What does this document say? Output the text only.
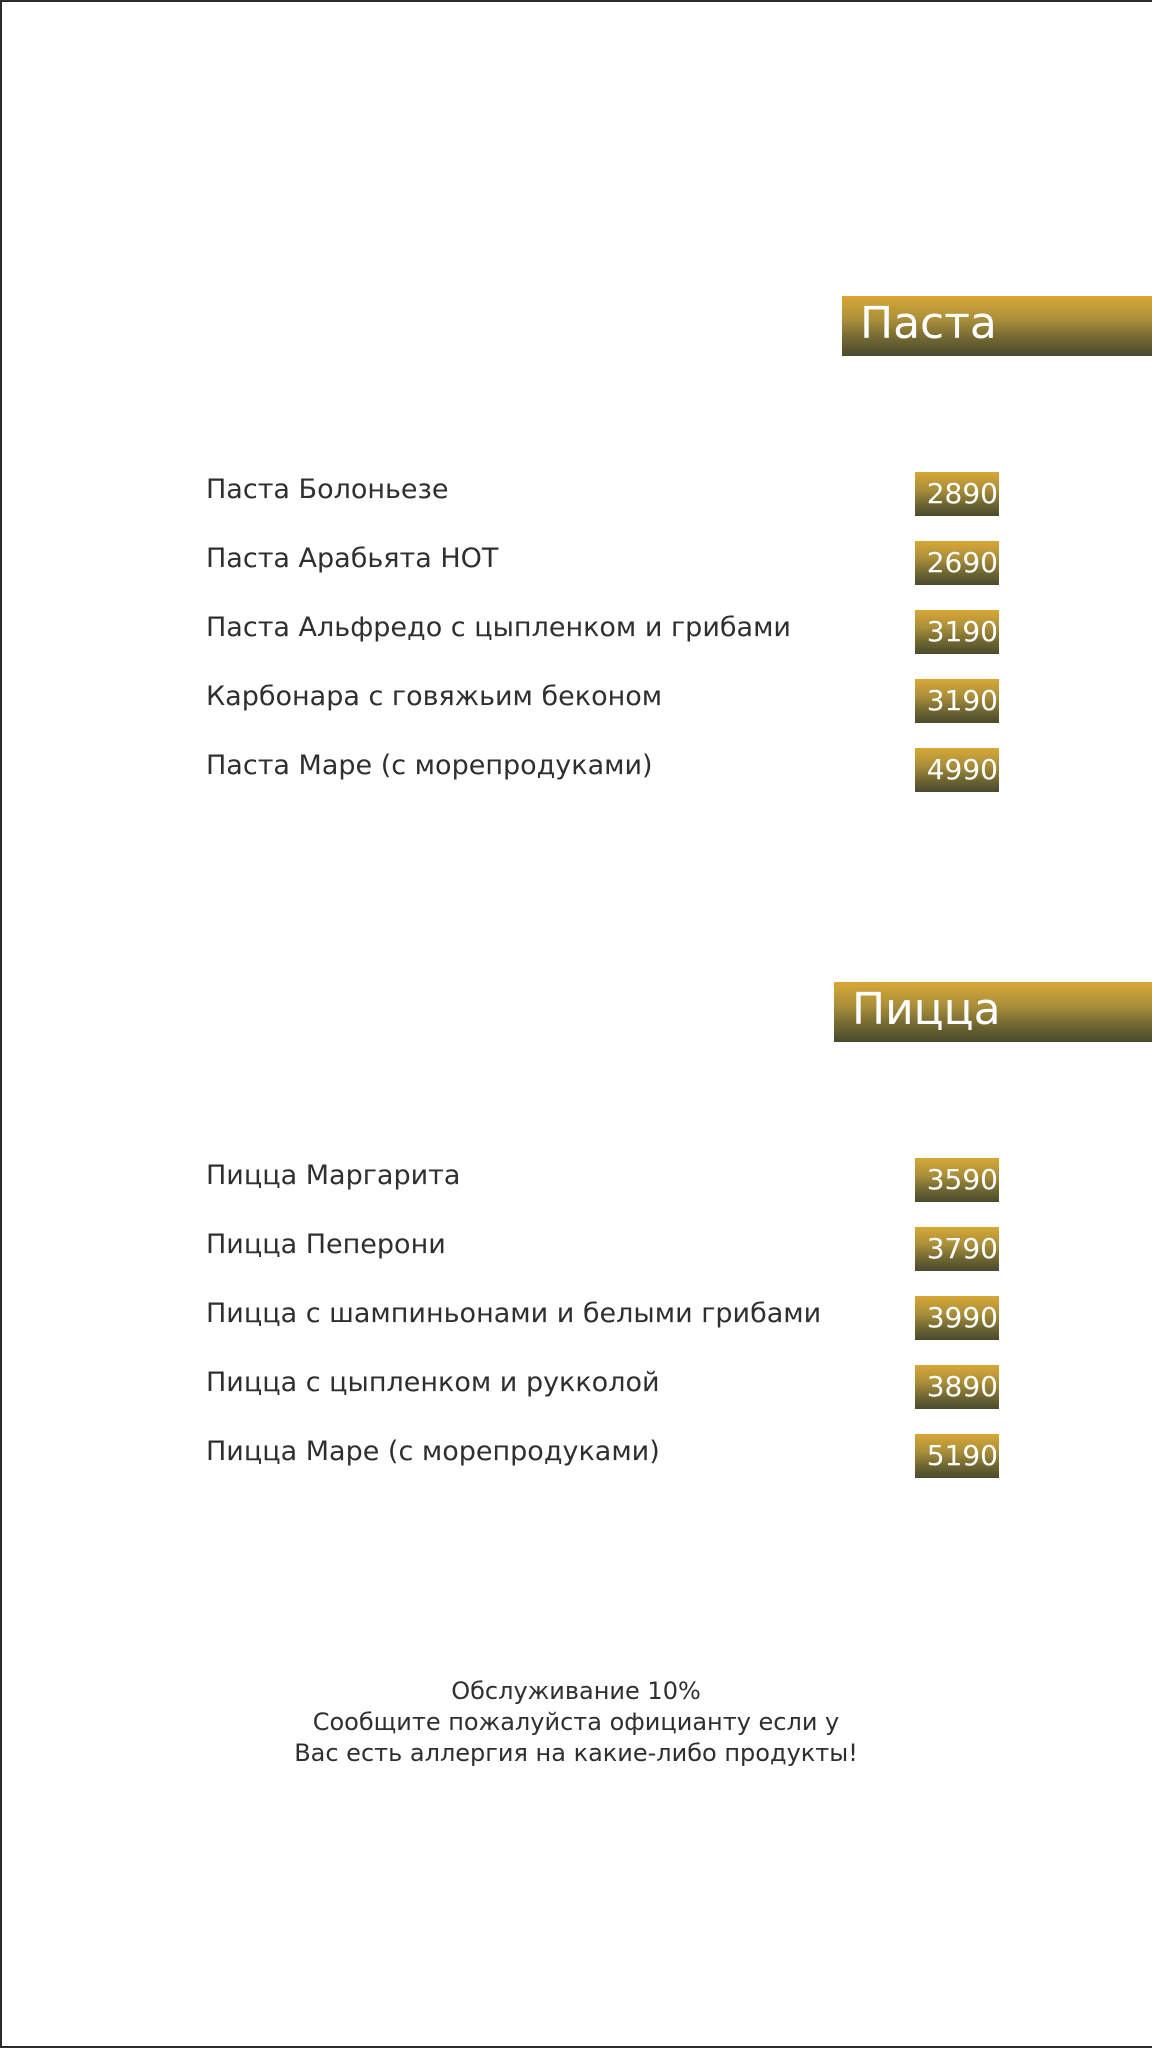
Паста
Паста Болоньезе	2890
Паста Арабьята HOT	2690
Паста Альфредо с цыпленком и грибами	3190
Карбонара с говяжьим беконом	3190
Паста Маре (с морепродуками)	4990
Пицца
Пицца Маргарита	3590
Пицца Пеперони	3790
Пицца с шампиньонами и белыми грибами	3990
Пицца с цыпленком и рукколой	3890
Пицца Маре (с морепродуками)	5190
Обслуживание 10%
Сообщите пожалуйста официанту если у
Вас есть аллергия на какие-либо продукты!
